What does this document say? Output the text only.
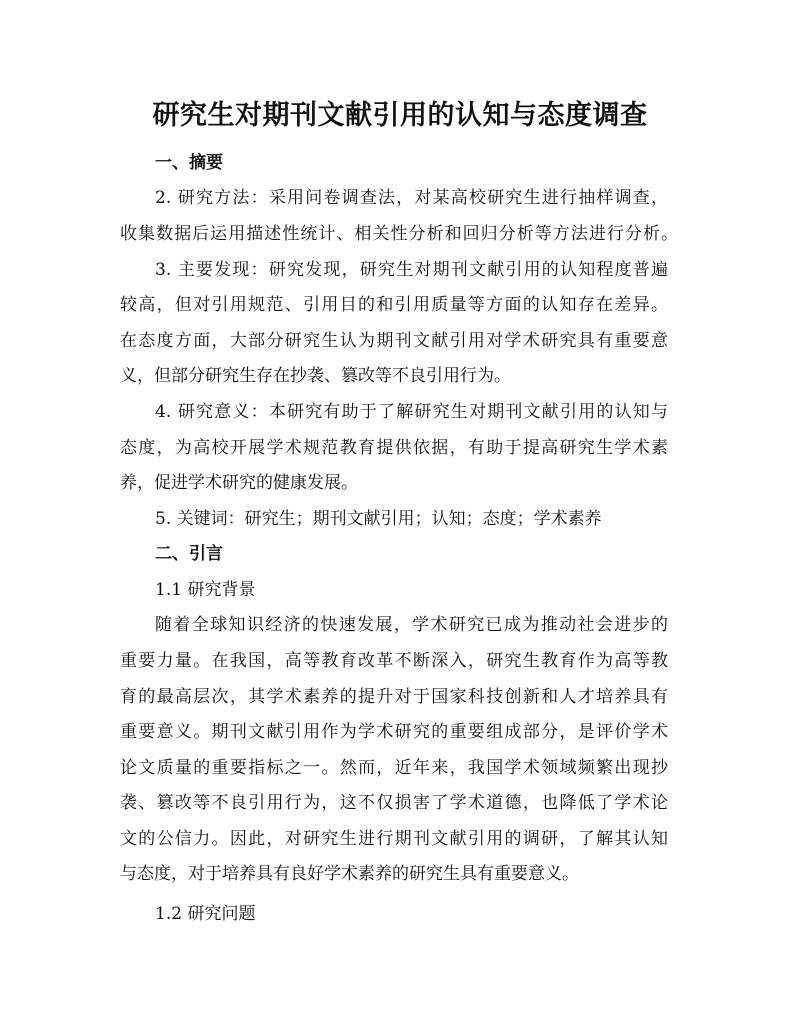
研究生对期刊文献引用的认知与态度调查
一、摘要
2. 研究方法：采用问卷调查法，对某高校研究生进行抽样调查，
收集数据后运用描述性统计、相关性分析和回归分析等方法进行分析。
3. 主要发现：研究发现，研究生对期刊文献引用的认知程度普遍
较高，但对引用规范、引用目的和引用质量等方面的认知存在差异。
在态度方面，大部分研究生认为期刊文献引用对学术研究具有重要意
义，但部分研究生存在抄袭、篡改等不良引用行为。
4. 研究意义：本研究有助于了解研究生对期刊文献引用的认知与
态度，为高校开展学术规范教育提供依据，有助于提高研究生学术素
养，促进学术研究的健康发展。
5. 关键词：研究生；期刊文献引用；认知；态度；学术素养
二、引言
1.1 研究背景
随着全球知识经济的快速发展，学术研究已成为推动社会进步的
重要力量。在我国，高等教育改革不断深入，研究生教育作为高等教
育的最高层次，其学术素养的提升对于国家科技创新和人才培养具有
重要意义。期刊文献引用作为学术研究的重要组成部分，是评价学术
论文质量的重要指标之一。然而，近年来，我国学术领域频繁出现抄
袭、篡改等不良引用行为，这不仅损害了学术道德，也降低了学术论
文的公信力。因此，对研究生进行期刊文献引用的调研，了解其认知
与态度，对于培养具有良好学术素养的研究生具有重要意义。
1.2 研究问题
